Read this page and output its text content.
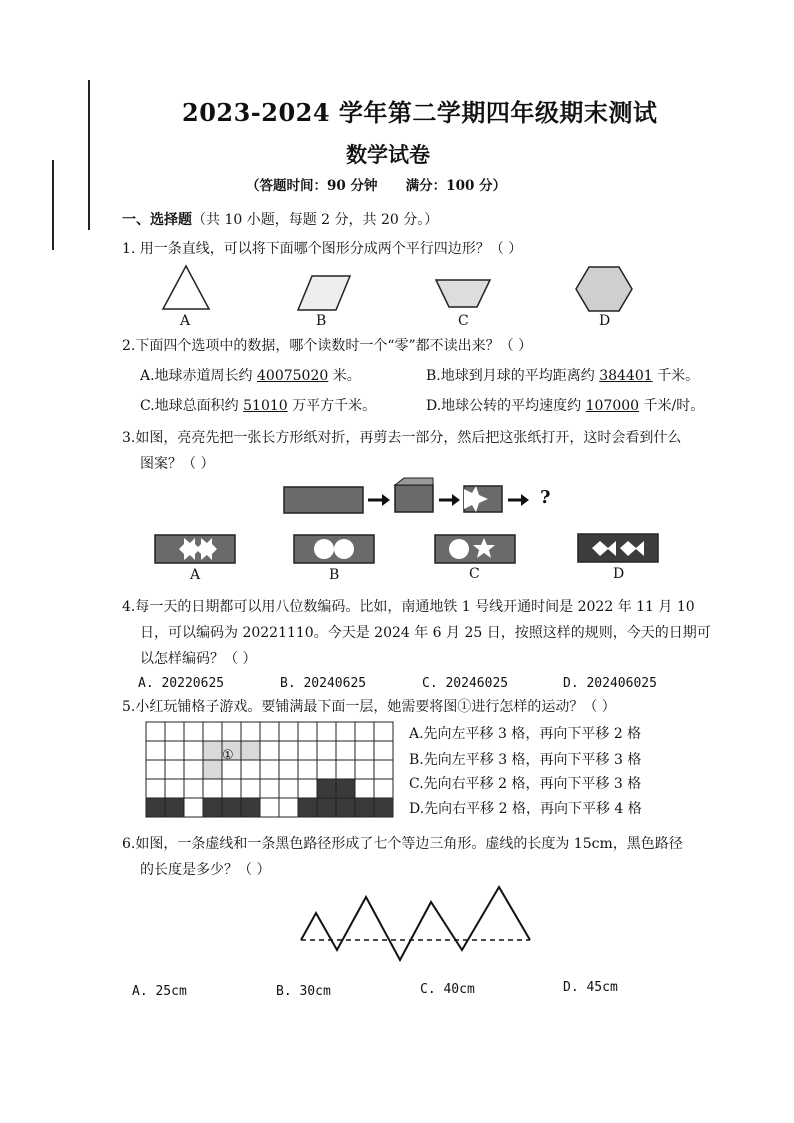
2023-2024 学年第二学期四年级期末测试
数学试卷
（答题时间：90 分钟      满分：100 分）
一、选择题（共 10 小题，每题 2 分，共 20 分。）
1. 用一条直线，可以将下面哪个图形分成两个平行四边形？（ ）
A	B	C	D
2.下面四个选项中的数据，哪个读数时一个“零”都不读出来？（ ）
A.地球赤道周长约 40075020 米。	B.地球到月球的平均距离约 384401 千米。
C.地球总面积约 51010 万平方千米。	D.地球公转的平均速度约 107000 千米/时。
3.如图，亮亮先把一张长方形纸对折，再剪去一部分，然后把这张纸打开，这时会看到什么
图案？（ ）
?
A	B	C	D
4.每一天的日期都可以用八位数编码。比如，南通地铁 1 号线开通时间是 2022 年 11 月 10
日，可以编码为 20221110。今天是 2024 年 6 月 25 日，按照这样的规则，今天的日期可
以怎样编码？（ ）
A. 20220625	B. 20240625	C. 20246025	D. 202406025
5.小红玩铺格子游戏。要铺满最下面一层，她需要将图①进行怎样的运动？（ ）
①
A.先向左平移 3 格，再向下平移 2 格
B.先向左平移 3 格，再向下平移 3 格
C.先向右平移 2 格，再向下平移 3 格
D.先向右平移 2 格，再向下平移 4 格
6.如图，一条虚线和一条黑色路径形成了七个等边三角形。虚线的长度为 15cm，黑色路径
的长度是多少？（ ）
A. 25cm	B. 30cm	C. 40cm	D. 45cm
